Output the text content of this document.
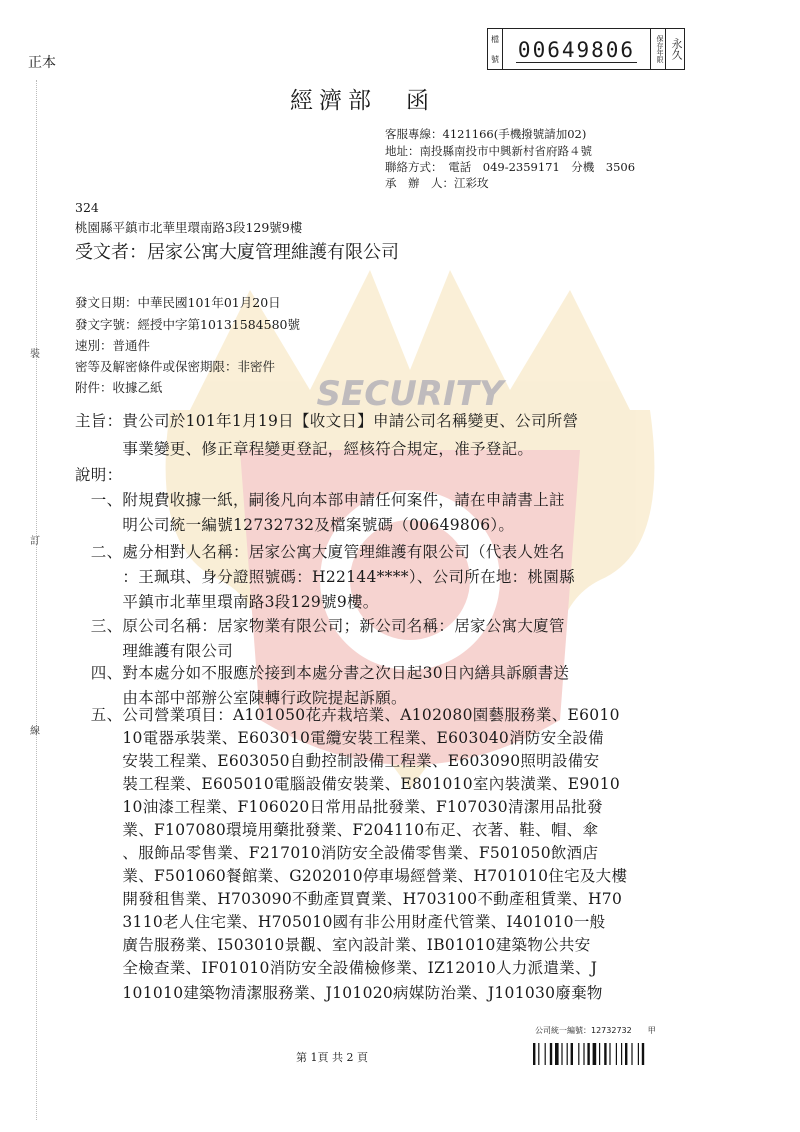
SECURITY
裝
訂
線
正本
檔
號 00649806	保存年限 永久
經濟部　函
客服專線：4121166(手機撥號請加02)
地址：南投縣南投市中興新村省府路４號
聯絡方式：　電話　049-2359171　分機　3506
承　辦　人：江彩玫
324
桃園縣平鎮市北華里環南路3段129號9樓
受文者：居家公寓大廈管理維護有限公司
發文日期：中華民國101年01月20日
發文字號：經授中字第10131584580號
速別：普通件
密等及解密條件或保密期限：非密件
附件：收據乙紙
主旨：貴公司於101年1月19日【收文日】申請公司名稱變更、公司所營
　　　事業變更、修正章程變更登記，經核符合規定，准予登記。
說明：
　一、附規費收據一紙，嗣後凡向本部申請任何案件，請在申請書上註
　　　明公司統一編號12732732及檔案號碼（00649806）。
　二、處分相對人名稱：居家公寓大廈管理維護有限公司（代表人姓名
　　　：王珮琪、身分證照號碼：H22144****）、公司所在地：桃園縣
　　　平鎮市北華里環南路3段129號9樓。
　三、原公司名稱：居家物業有限公司；新公司名稱：居家公寓大廈管
　　　理維護有限公司
　四、對本處分如不服應於接到本處分書之次日起30日內繕具訴願書送
　　　由本部中部辦公室陳轉行政院提起訴願。
　五、公司營業項目：A101050花卉栽培業、A102080園藝服務業、E6010
　　　10電器承裝業、E603010電纜安裝工程業、E603040消防安全設備
　　　安裝工程業、E603050自動控制設備工程業、E603090照明設備安
　　　裝工程業、E605010電腦設備安裝業、E801010室內裝潢業、E9010
　　　10油漆工程業、F106020日常用品批發業、F107030清潔用品批發
　　　業、F107080環境用藥批發業、F204110布疋、衣著、鞋、帽、傘
　　　、服飾品零售業、F217010消防安全設備零售業、F501050飲酒店
　　　業、F501060餐館業、G202010停車場經營業、H701010住宅及大樓
　　　開發租售業、H703090不動產買賣業、H703100不動產租賃業、H70
　　　3110老人住宅業、H705010國有非公用財產代管業、I401010一般
　　　廣告服務業、I503010景觀、室內設計業、IB01010建築物公共安
　　　全檢查業、IF01010消防安全設備檢修業、IZ12010人力派遣業、J
　　　101010建築物清潔服務業、J101020病媒防治業、J101030廢棄物
公司統一編號：12732732　　甲
第 1頁 共 2 頁
